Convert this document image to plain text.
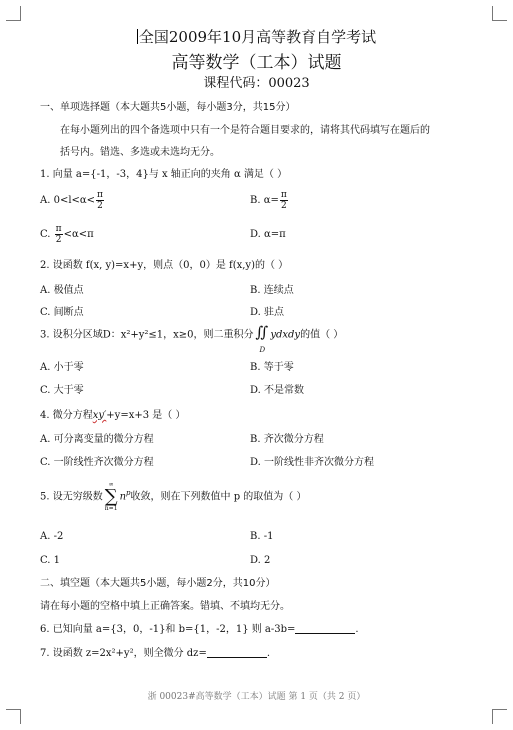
全国2009年10月高等教育自学考试
高等数学（工本）试题
课程代码：00023
一、单项选择题（本大题共5小题，每小题3分，共15分）
在每小题列出的四个备选项中只有一个是符合题目要求的，请将其代码填写在题后的
括号内。错选、多选或未选均无分。
1. 向量 a={-1，-3，4}与 x 轴正向的夹角 α 满足（ ）
A. $0<l<\alpha< \frac{\pi}{2}$	B. $\alpha= \frac{\pi}{2}$
C. $\frac{\pi}{2} <\alpha<\pi$	D. α=π
2. 设函数 f(x, y)=x+y，则点（0，0）是 f(x,y)的（ ）
A. 极值点	B. 连续点
C. 间断点	D. 驻点
3. 设积分区域D：x²+y²≤1，x≥0，则二重积分 ∬
D
ydxdy的值（ ）
A. 小于零	B. 等于零
C. 大于零	D. 不是常数
4. 微分方程xy′+y=x+3 是（ ）
A. 可分离变量的微分方程	B. 齐次微分方程
C. 一阶线性齐次微分方程	D. 一阶线性非齐次微分方程
5. 设无穷级数
∞
∑
n=1
$n^p$收敛，则在下列数值中 p 的取值为（ ）
A. -2	B. -1
C. 1	D. 2
二、填空题（本大题共5小题，每小题2分，共10分）
请在每小题的空格中填上正确答案。错填、不填均无分。
6. 已知向量 a={3，0，-1}和 b={1，-2，1} 则 a-3b=	.
7. 设函数 z=2x²+y²，则全微分 dz=	.
浙 00023#高等数学（工本）试题 第 1 页（共 2 页）
